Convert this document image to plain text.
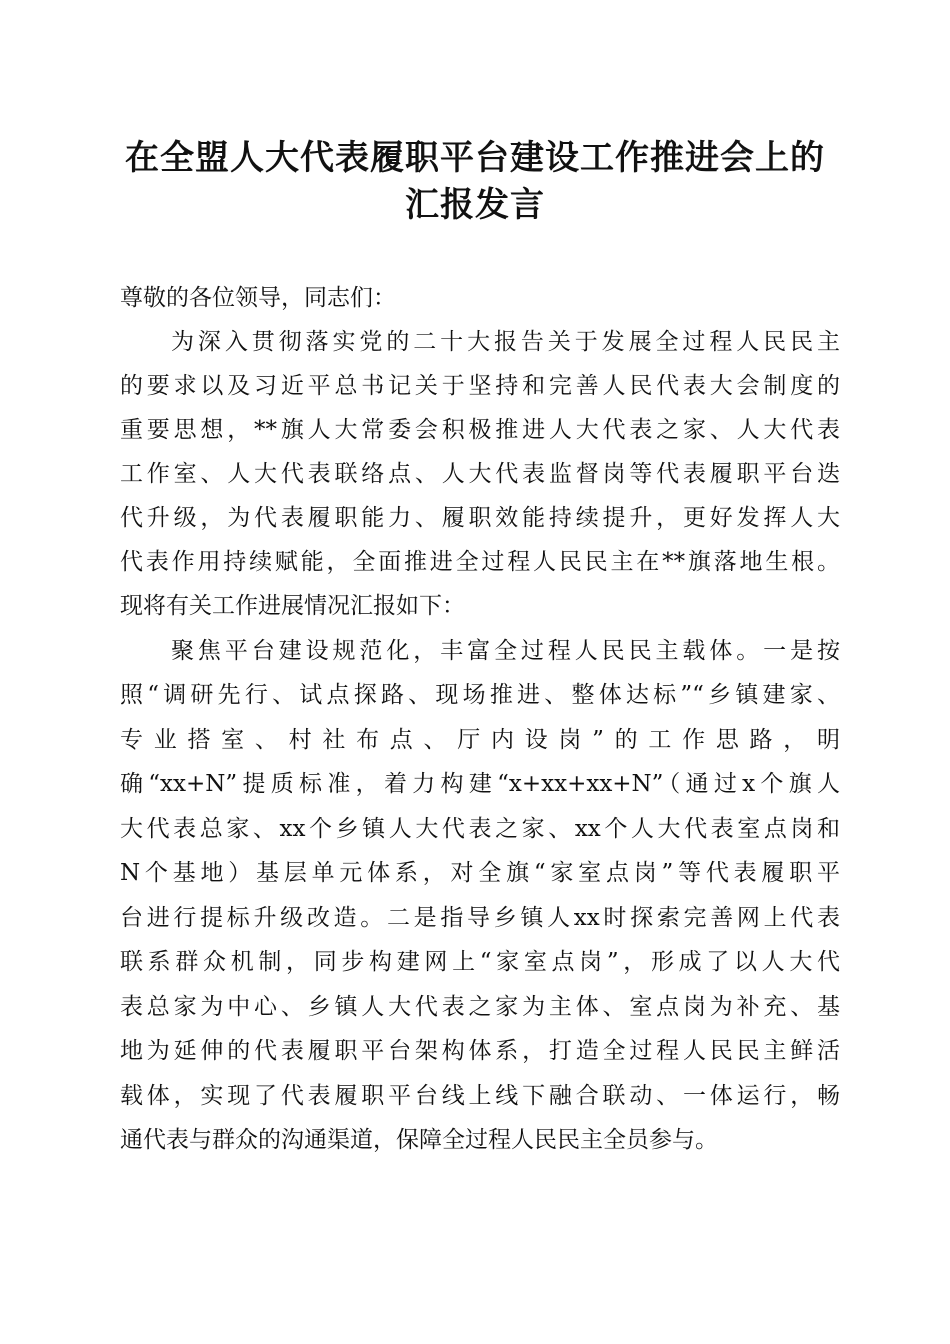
在全盟人大代表履职平台建设工作推进会上的
汇报发言

尊敬的各位领导，同志们：

为深入贯彻落实党的二十大报告关于发展全过程人民民主

的要求以及习近平总书记关于坚持和完善人民代表大会制度的

重要思想，**旗人大常委会积极推进人大代表之家、人大代表

工作室、人大代表联络点、人大代表监督岗等代表履职平台迭

代升级，为代表履职能力、履职效能持续提升，更好发挥人大

代表作用持续赋能，全面推进全过程人民民主在**旗落地生根。

现将有关工作进展情况汇报如下：

聚焦平台建设规范化，丰富全过程人民民主载体。一是按

照“调研先行、试点探路、现场推进、整体达标”“乡镇建家、

专业搭室、村社布点、厅内设岗”的工作思路，明

确“xx+N”提质标准，着力构建“x+xx+xx+N”（通过x个旗人

大代表总家、xx个乡镇人大代表之家、xx个人大代表室点岗和

N个基地）基层单元体系，对全旗“家室点岗”等代表履职平

台进行提标升级改造。二是指导乡镇人xx时探索完善网上代表

联系群众机制，同步构建网上“家室点岗”，形成了以人大代

表总家为中心、乡镇人大代表之家为主体、室点岗为补充、基

地为延伸的代表履职平台架构体系，打造全过程人民民主鲜活

载体，实现了代表履职平台线上线下融合联动、一体运行，畅

通代表与群众的沟通渠道，保障全过程人民民主全员参与。
